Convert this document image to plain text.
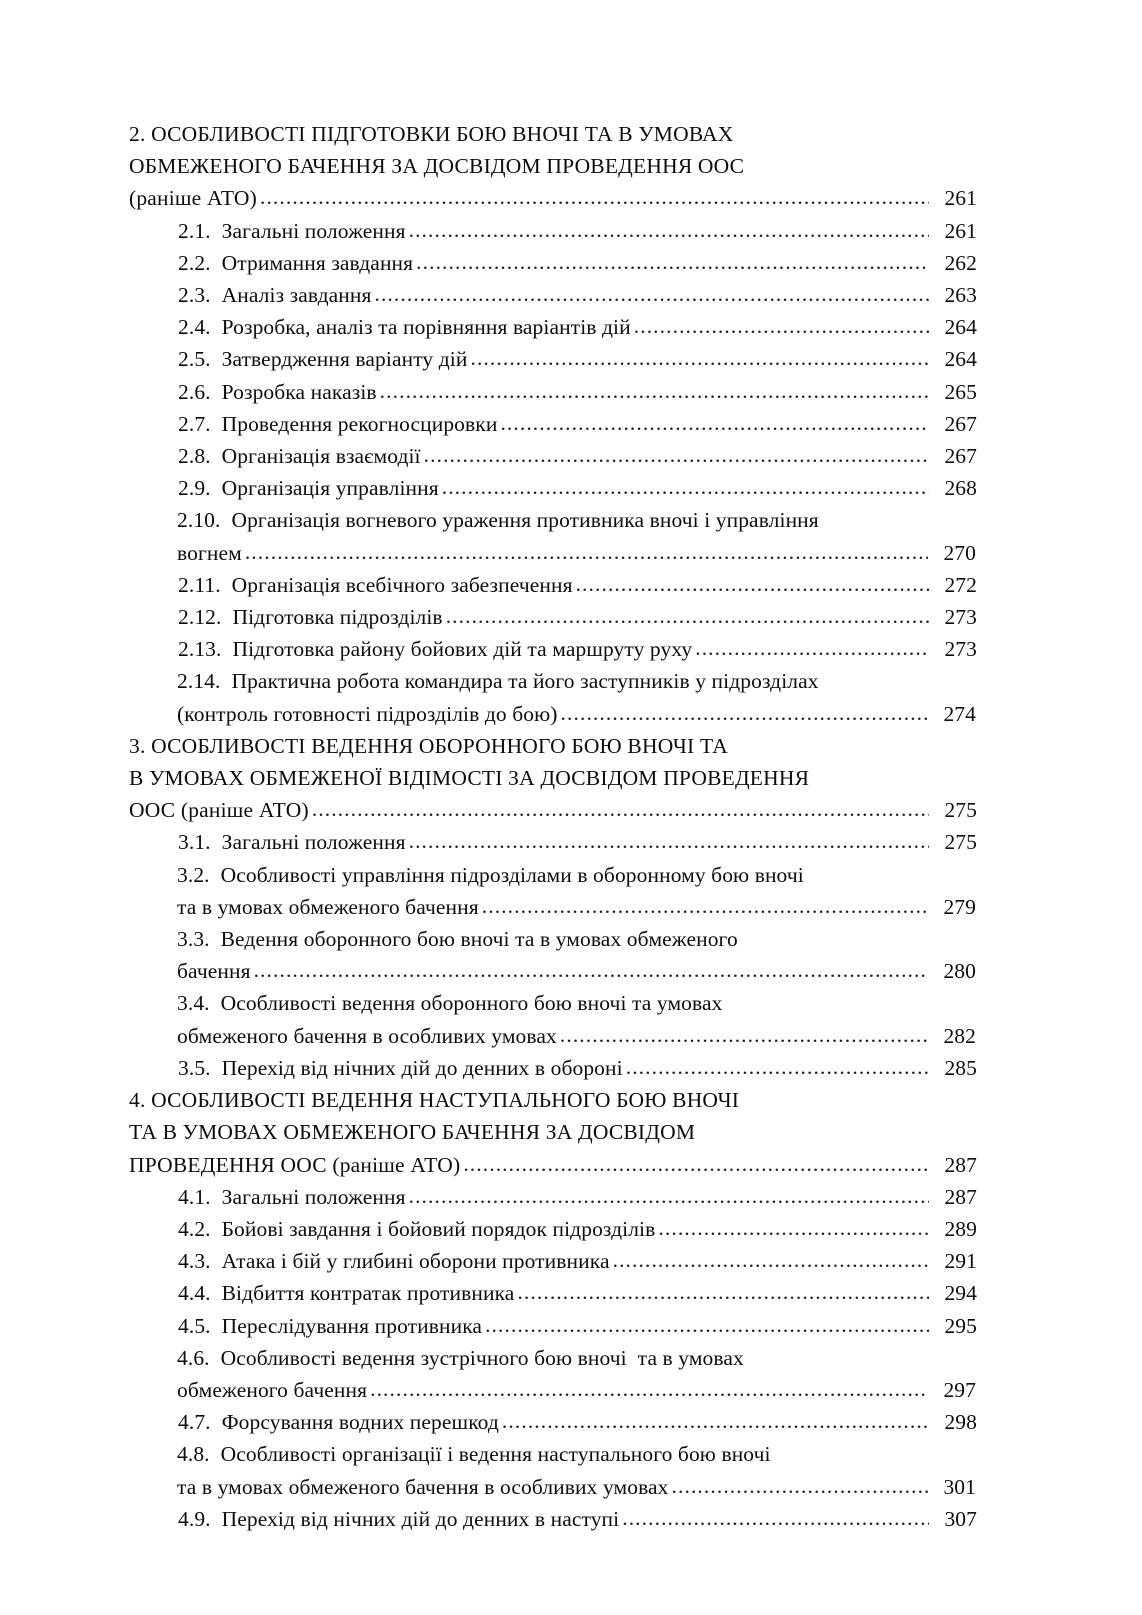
2. ОСОБЛИВОСТІ ПІДГОТОВКИ БОЮ ВНОЧІ ТА В УМОВАХ
ОБМЕЖЕНОГО БАЧЕННЯ ЗА ДОСВІДОМ ПРОВЕДЕННЯ ООС
(раніше АТО) .....	261
2.1.  Загальні положення .....	261
2.2.  Отримання завдання .....	262
2.3.  Аналіз завдання .....	263
2.4.  Розробка, аналіз та порівняння варіантів дій .....	264
2.5.  Затвердження варіанту дій .....	264
2.6.  Розробка наказів .....	265
2.7.  Проведення рекогносцировки .....	267
2.8.  Організація взаємодії .....	267
2.9.  Організація управління .....	268
2.10.  Організація вогневого ураження противника вночі і управління
вогнем .....	270
2.11.  Організація всебічного забезпечення .....	272
2.12.  Підготовка підрозділів .....	273
2.13.  Підготовка району бойових дій та маршруту руху .....	273
2.14.  Практична робота командира та його заступників у підрозділах
(контроль готовності підрозділів до бою) .....	274
3. ОСОБЛИВОСТІ ВЕДЕННЯ ОБОРОННОГО БОЮ ВНОЧІ ТА
В УМОВАХ ОБМЕЖЕНОЇ ВІДІМОСТІ ЗА ДОСВІДОМ ПРОВЕДЕННЯ
ООС (раніше АТО) .....	275
3.1.  Загальні положення .....	275
3.2.  Особливості управління підрозділами в оборонному бою вночі
та в умовах обмеженого бачення .....	279
3.3.  Ведення оборонного бою вночі та в умовах обмеженого
бачення .....	280
3.4.  Особливості ведення оборонного бою вночі та умовах
обмеженого бачення в особливих умовах .....	282
3.5.  Перехід від нічних дій до денних в обороні .....	285
4. ОСОБЛИВОСТІ ВЕДЕННЯ НАСТУПАЛЬНОГО БОЮ ВНОЧІ
ТА В УМОВАХ ОБМЕЖЕНОГО БАЧЕННЯ ЗА ДОСВІДОМ
ПРОВЕДЕННЯ ООС (раніше АТО) .....	287
4.1.  Загальні положення .....	287
4.2.  Бойові завдання і бойовий порядок підрозділів .....	289
4.3.  Атака і бій у глибині оборони противника .....	291
4.4.  Відбиття контратак противника .....	294
4.5.  Переслідування противника .....	295
4.6.  Особливості ведення зустрічного бою вночі  та в умовах
обмеженого бачення .....	297
4.7.  Форсування водних перешкод .....	298
4.8.  Особливості організації і ведення наступального бою вночі
та в умовах обмеженого бачення в особливих умовах .....	301
4.9.  Перехід від нічних дій до денних в наступі .....	307
